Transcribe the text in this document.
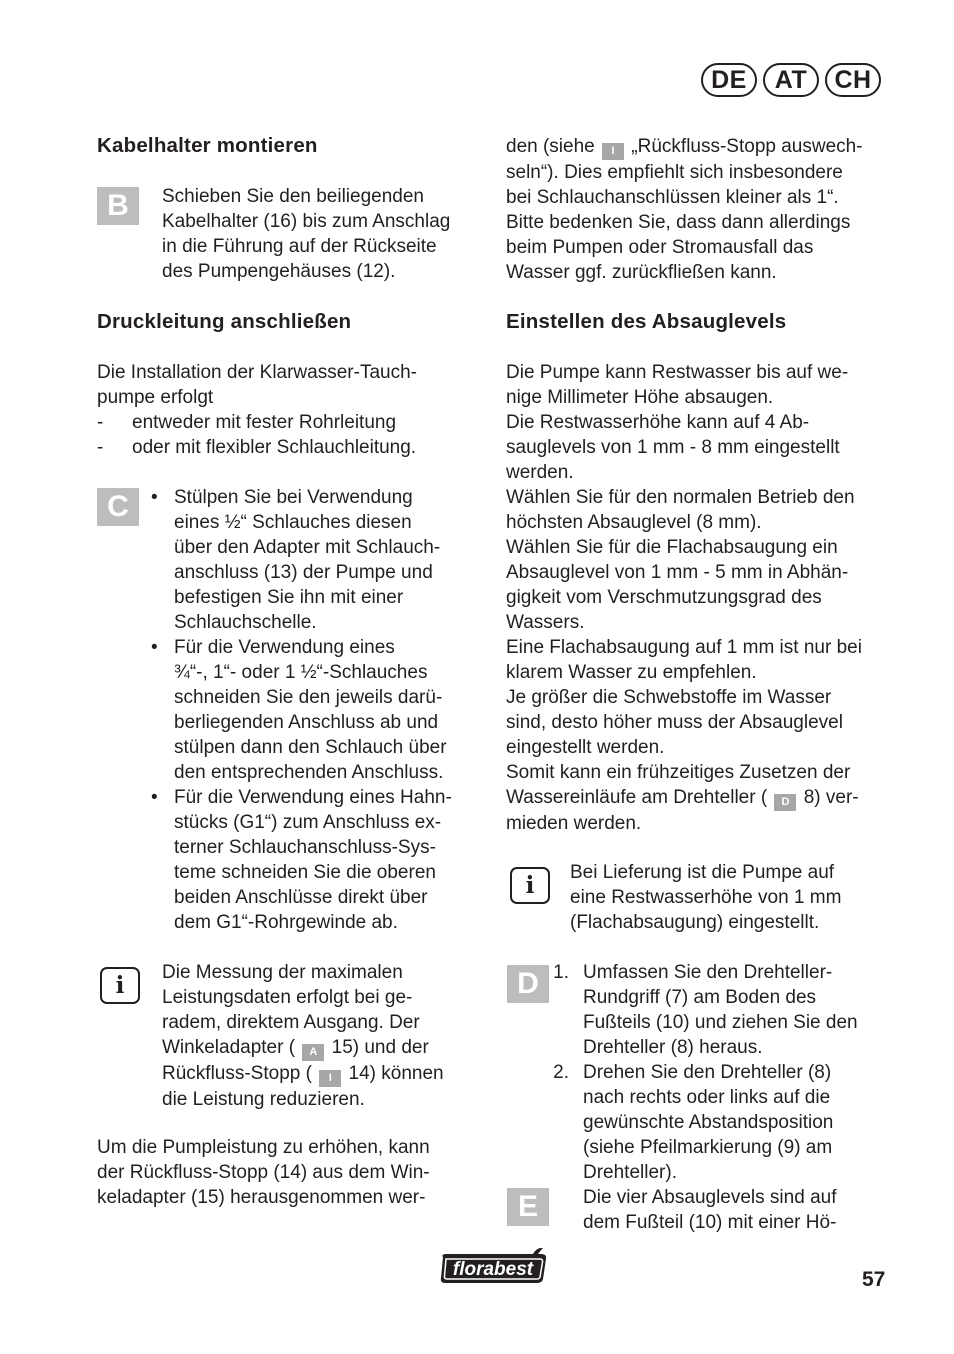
DE	AT	CH
Kabelhalter montieren
B	Schieben Sie den beiliegenden
Kabelhalter (16) bis zum Anschlag
in die Führung auf der Rückseite
des Pumpengehäuses (12).
Druckleitung anschließen
Die Installation der Klarwasser-Tauch-
pumpe erfolgt
- entweder mit fester Rohrleitung
- oder mit flexibler Schlauchleitung.
C	• Stülpen Sie bei Verwendung
eines ½“ Schlauches diesen
über den Adapter mit Schlauch-
anschluss (13) der Pumpe und
befestigen Sie ihn mit einer
Schlauchschelle.
• Für die Verwendung eines
¾“-, 1“- oder 1 ½“-Schlauches
schneiden Sie den jeweils darü-
berliegenden Anschluss ab und
stülpen dann den Schlauch über
den entsprechenden Anschluss.
• Für die Verwendung eines Hahn-
stücks (G1“) zum Anschluss ex-
terner Schlauchanschluss-Sys-
teme schneiden Sie die oberen
beiden Anschlüsse direkt über
dem G1“-Rohrgewinde ab.
i Die Messung der maximalen
Leistungsdaten erfolgt bei ge-
radem, direktem Ausgang. Der
Winkeladapter ( A 15) und der
Rückfluss-Stopp ( I 14) können
die Leistung reduzieren.
Um die Pumpleistung zu erhöhen, kann
der Rückfluss-Stopp (14) aus dem Win-
keladapter (15) herausgenommen wer-
den (siehe I „Rückfluss-Stopp auswech-
seln“). Dies empfiehlt sich insbesondere
bei Schlauchanschlüssen kleiner als 1“.
Bitte bedenken Sie, dass dann allerdings
beim Pumpen oder Stromausfall das
Wasser ggf. zurückfließen kann.
Einstellen des Absauglevels
Die Pumpe kann Restwasser bis auf we-
nige Millimeter Höhe absaugen.
Die Restwasserhöhe kann auf 4 Ab-
sauglevels von 1 mm - 8 mm eingestellt
werden.
Wählen Sie für den normalen Betrieb den
höchsten Absauglevel (8 mm).
Wählen Sie für die Flachabsaugung ein
Absauglevel von 1 mm - 5 mm in Abhän-
gigkeit vom Verschmutzungsgrad des
Wassers.
Eine Flachabsaugung auf 1 mm ist nur bei
klarem Wasser zu empfehlen.
Je größer die Schwebstoffe im Wasser
sind, desto höher muss der Absauglevel
eingestellt werden.
Somit kann ein frühzeitiges Zusetzen der
Wassereinläufe am Drehteller ( D 8) ver-
mieden werden.
i Bei Lieferung ist die Pumpe auf
eine Restwasserhöhe von 1 mm
(Flachabsaugung) eingestellt.
D 1. Umfassen Sie den Drehteller-
Rundgriff (7) am Boden des
Fußteils (10) und ziehen Sie den
Drehteller (8) heraus.
2. Drehen Sie den Drehteller (8)
nach rechts oder links auf die
gewünschte Abstandsposition
(siehe Pfeilmarkierung (9) am
Drehteller).
E	Die vier Absauglevels sind auf
dem Fußteil (10) mit einer Hö-
florabest	57
